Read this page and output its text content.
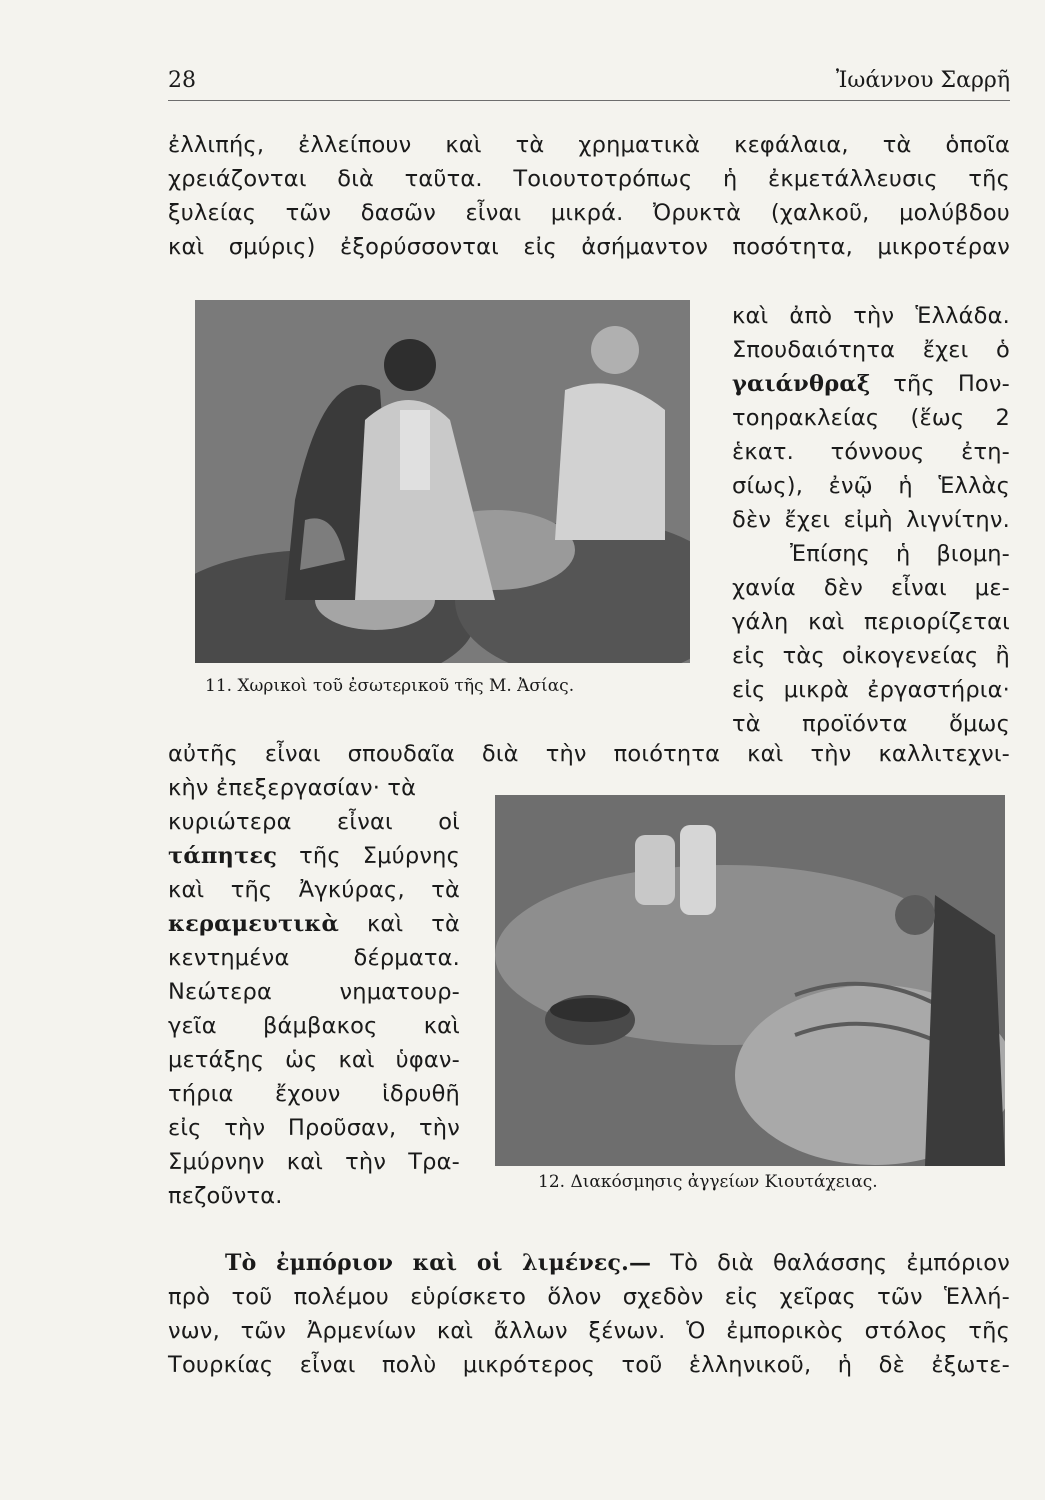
28	Ἰωάννου Σαρρῆ
ἐλλιπής, ἐλλείπουν καὶ τὰ χρηματικὰ κεφάλαια, τὰ ὁποῖα
χρειάζονται διὰ ταῦτα. Τοιουτοτρόπως ἡ ἐκμετάλλευσις τῆς
ξυλείας τῶν δασῶν εἶναι μικρά. Ὀρυκτὰ (χαλκοῦ, μολύβδου
καὶ σμύρις) ἐξορύσσονται εἰς ἀσήμαντον ποσότητα, μικροτέραν
καὶ ἀπὸ τὴν Ἑλλάδα.
Σπουδαιότητα ἔχει ὁ
γαιάνθραξ τῆς Πον-
τοηρακλείας (ἕως 2
ἑκατ. τόννους ἐτη-
σίως), ἐνῷ ἡ Ἑλλὰς
δὲν ἔχει εἰμὴ λιγνίτην.
Ἐπίσης ἡ βιομη-
χανία δὲν εἶναι με-
γάλη καὶ περιορίζεται
εἰς τὰς οἰκογενείας ἢ
εἰς μικρὰ ἐργαστήρια·
τὰ προϊόντα ὅμως
11. Χωρικοὶ τοῦ ἐσωτερικοῦ τῆς Μ. Ἀσίας.
αὐτῆς εἶναι σπουδαῖα διὰ τὴν ποιότητα καὶ τὴν καλλιτεχνι-
κὴν ἐπεξεργασίαν· τὰ
κυριώτερα εἶναι οἱ
τάπητες τῆς Σμύρνης
καὶ τῆς Ἀγκύρας, τὰ
κεραμευτικὰ καὶ τὰ
κεντημένα δέρματα.
Νεώτερα νηματουρ-
γεῖα βάμβακος καὶ
μετάξης ὡς καὶ ὑφαν-
τήρια ἔχουν ἱδρυθῆ
εἰς τὴν Προῦσαν, τὴν
Σμύρνην καὶ τὴν Τρα-
πεζοῦντα.
12. Διακόσμησις ἀγγείων Κιουτάχειας.
Τὸ ἐμπόριον καὶ οἱ λιμένες.— Τὸ διὰ θαλάσσης ἐμπόριον
πρὸ τοῦ πολέμου εὑρίσκετο ὅλον σχεδὸν εἰς χεῖρας τῶν Ἑλλή-
νων, τῶν Ἀρμενίων καὶ ἄλλων ξένων. Ὁ ἐμπορικὸς στόλος τῆς
Τουρκίας εἶναι πολὺ μικρότερος τοῦ ἑλληνικοῦ, ἡ δὲ ἐξωτε-
